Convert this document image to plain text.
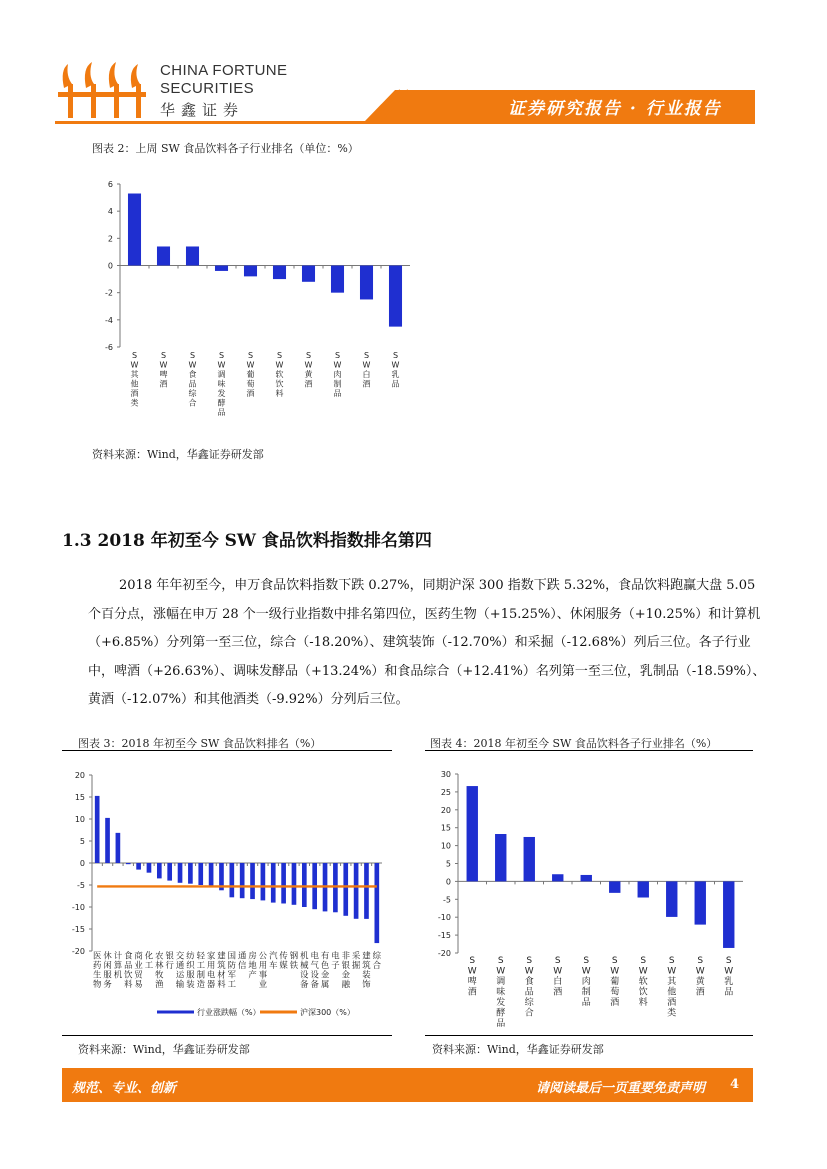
CHINA FORTUNE
SECURITIES
华鑫证券	证券研究报告 · 行业报告
图表 2：上周 SW 食品饮料各子行业排名（单位：%）
6
4
2
0
-2
-4
-6
S W 其他酒类
S W 啤酒
S W 食品综合
S W 调味发酵品
S W 葡萄酒
S W 软饮料
S W 黄酒
S W 肉制品
S W 白酒
S W 乳品
资料来源：Wind，华鑫证券研发部
1.3 2018 年初至今 SW 食品饮料指数排名第四
2018 年年初至今，申万食品饮料指数下跌 0.27%，同期沪深 300 指数下跌 5.32%，食品饮料跑赢大盘 5.05 个百分点，涨幅在申万 28 个一级行业指数中排名第四位，医药生物（+15.25%）、休闲服务（+10.25%）和计算机（+6.85%）分列第一至三位，综合（-18.20%）、建筑装饰（-12.70%）和采掘（-12.68%）列后三位。各子行业中，啤酒（+26.63%）、调味发酵品（+13.24%）和食品综合（+12.41%）名列第一至三位，乳制品（-18.59%）、黄酒（-12.07%）和其他酒类（-9.92%）分列后三位。
图表 3：2018 年初至今 SW 食品饮料排名（%）
20
15
10
5
0
-5
-10
-15
-20 医药生物
休闲服务
计算机
食品饮料
商业贸易
化工
农林牧渔
银行
交通运输
纺织服装
轻工制造
家用电器
建筑材料
国防军工
通信
房地产
公用事业
汽车
传媒
钢铁
机械设备
电气设备
有色金属
电子
非银金融
采掘
建筑装饰
综合
行业涨跌幅（%）	沪深300（%）
资料来源：Wind，华鑫证券研发部
图表 4：2018 年初至今 SW 食品饮料各子行业排名（%）
30
25
20
15
10
5
0
-5
-10
-15
-20
S W 啤酒
S W 调味发酵品
S W 食品综合
S W 白酒
S W 肉制品
S W 葡萄酒
S W 软饮料
S W 其他酒类
S W 黄酒
S W 乳品
资料来源：Wind，华鑫证券研发部
规范、专业、创新	请阅读最后一页重要免责声明 4
